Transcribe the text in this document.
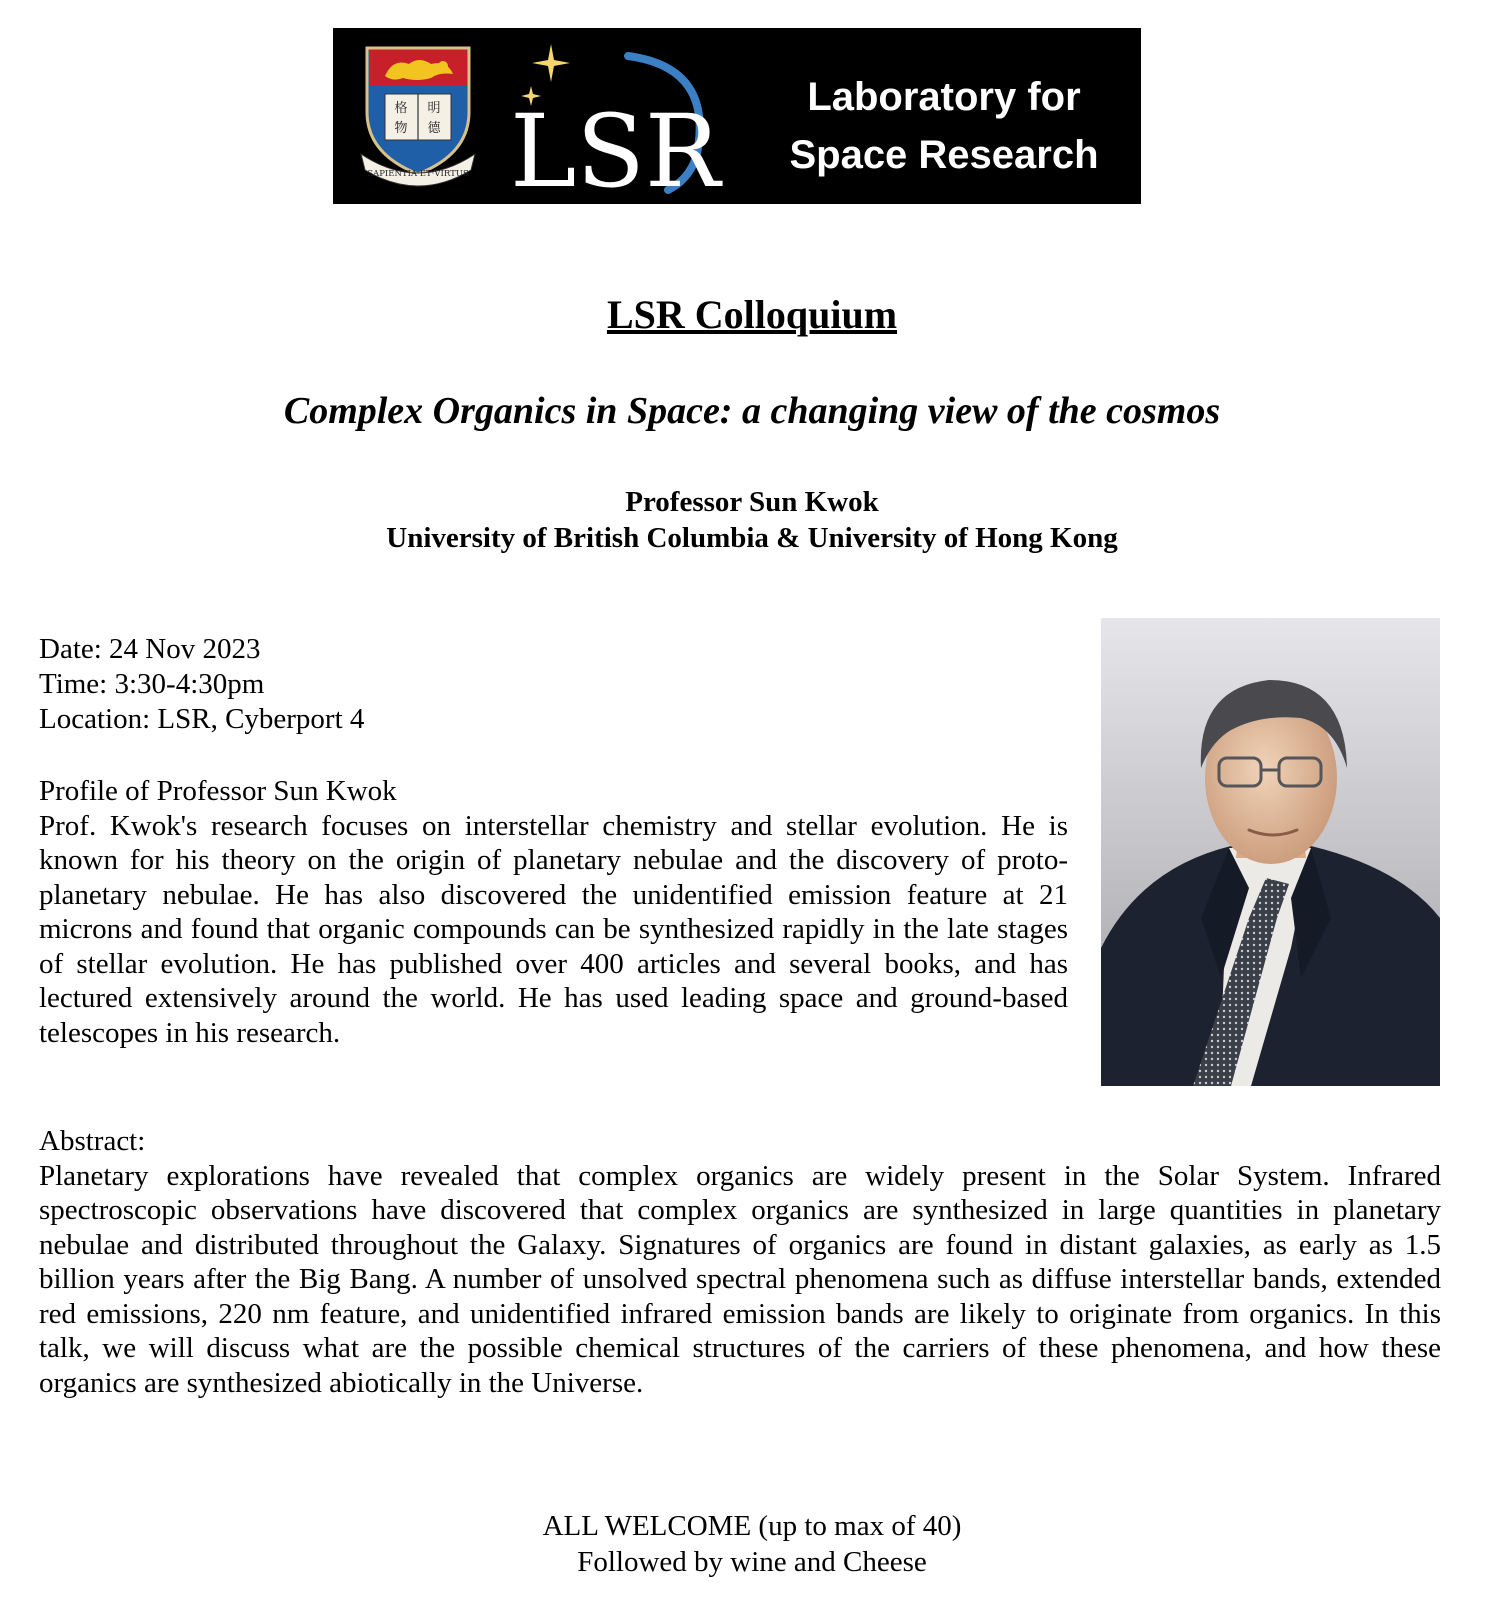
格 明
物 德
SAPIENTIA·ET·VIRTUS LSR	Laboratory for
Space Research
LSR Colloquium
Complex Organics in Space: a changing view of the cosmos
Professor Sun Kwok
University of British Columbia & University of Hong Kong
Date: 24 Nov 2023
Time: 3:30-4:30pm
Location: LSR, Cyberport 4
Profile of Professor Sun Kwok
Prof. Kwok's research focuses on interstellar chemistry and stellar evolution. He is known for his theory on the origin of planetary nebulae and the discovery of proto-planetary nebulae. He has also discovered the unidentified emission feature at 21 microns and found that organic compounds can be synthesized rapidly in the late stages of stellar evolution. He has published over 400 articles and several books, and has lectured extensively around the world. He has used leading space and ground-based telescopes in his research.
Abstract:
Planetary explorations have revealed that complex organics are widely present in the Solar System. Infrared spectroscopic observations have discovered that complex organics are synthesized in large quantities in planetary nebulae and distributed throughout the Galaxy. Signatures of organics are found in distant galaxies, as early as 1.5 billion years after the Big Bang. A number of unsolved spectral phenomena such as diffuse interstellar bands, extended red emissions, 220 nm feature, and unidentified infrared emission bands are likely to originate from organics. In this talk, we will discuss what are the possible chemical structures of the carriers of these phenomena, and how these organics are synthesized abiotically in the Universe.
ALL WELCOME (up to max of 40)
Followed by wine and Cheese
